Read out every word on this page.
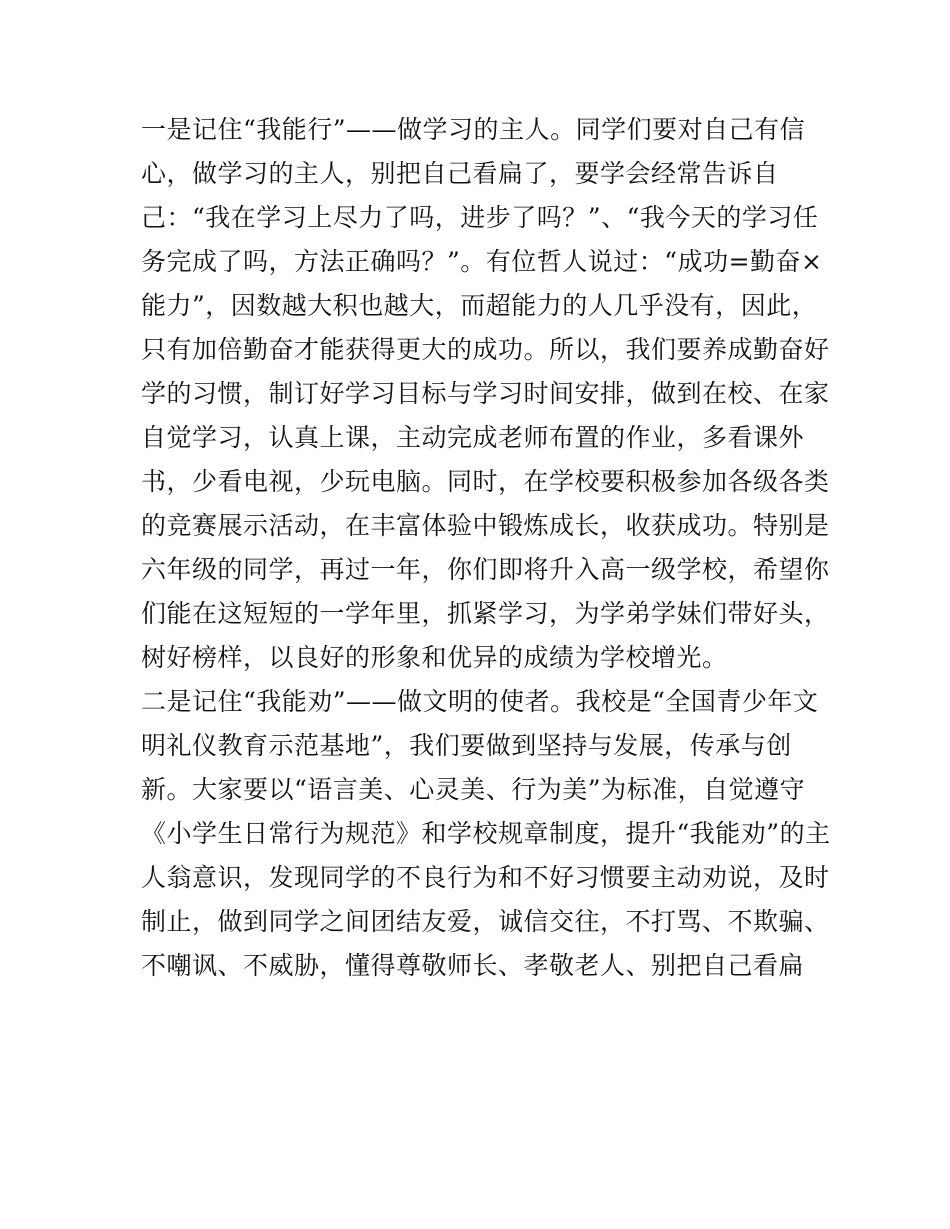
一是记住“我能行”——做学习的主人。同学们要对自己有信
心，做学习的主人，别把自己看扁了，要学会经常告诉自
己：“我在学习上尽力了吗，进步了吗？”、“我今天的学习任
务完成了吗，方法正确吗？”。有位哲人说过：“成功=勤奋×
能力”，因数越大积也越大，而超能力的人几乎没有，因此，
只有加倍勤奋才能获得更大的成功。所以，我们要养成勤奋好
学的习惯，制订好学习目标与学习时间安排，做到在校、在家
自觉学习，认真上课，主动完成老师布置的作业，多看课外
书，少看电视，少玩电脑。同时，在学校要积极参加各级各类
的竞赛展示活动，在丰富体验中锻炼成长，收获成功。特别是
六年级的同学，再过一年，你们即将升入高一级学校，希望你
们能在这短短的一学年里，抓紧学习，为学弟学妹们带好头，
树好榜样，以良好的形象和优异的成绩为学校增光。
二是记住“我能劝”——做文明的使者。我校是“全国青少年文
明礼仪教育示范基地”，我们要做到坚持与发展，传承与创
新。大家要以“语言美、心灵美、行为美”为标准，自觉遵守
《小学生日常行为规范》和学校规章制度，提升“我能劝”的主
人翁意识，发现同学的不良行为和不好习惯要主动劝说，及时
制止，做到同学之间团结友爱，诚信交往，不打骂、不欺骗、
不嘲讽、不威胁，懂得尊敬师长、孝敬老人、别把自己看扁
